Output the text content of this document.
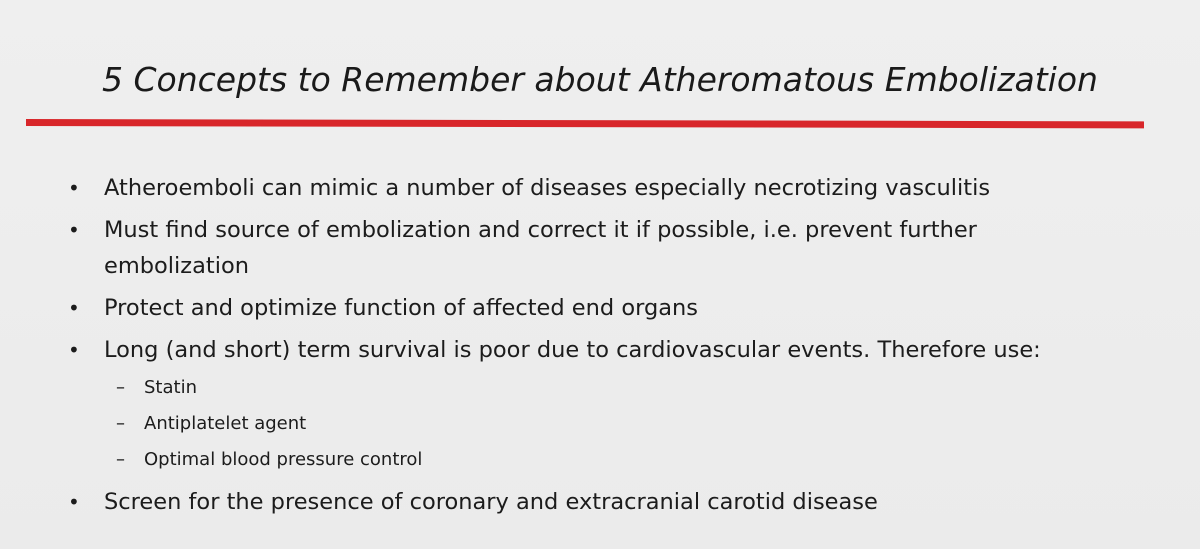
5 Concepts to Remember about Atheromatous Embolization
• Atheroemboli can mimic a number of diseases especially necrotizing vasculitis
• Must find source of embolization and correct it if possible, i.e. prevent further embolization
• Protect and optimize function of affected end organs
• Long (and short) term survival is poor due to cardiovascular events. Therefore use:
– Statin
– Antiplatelet agent
– Optimal blood pressure control
• Screen for the presence of coronary and extracranial carotid disease
